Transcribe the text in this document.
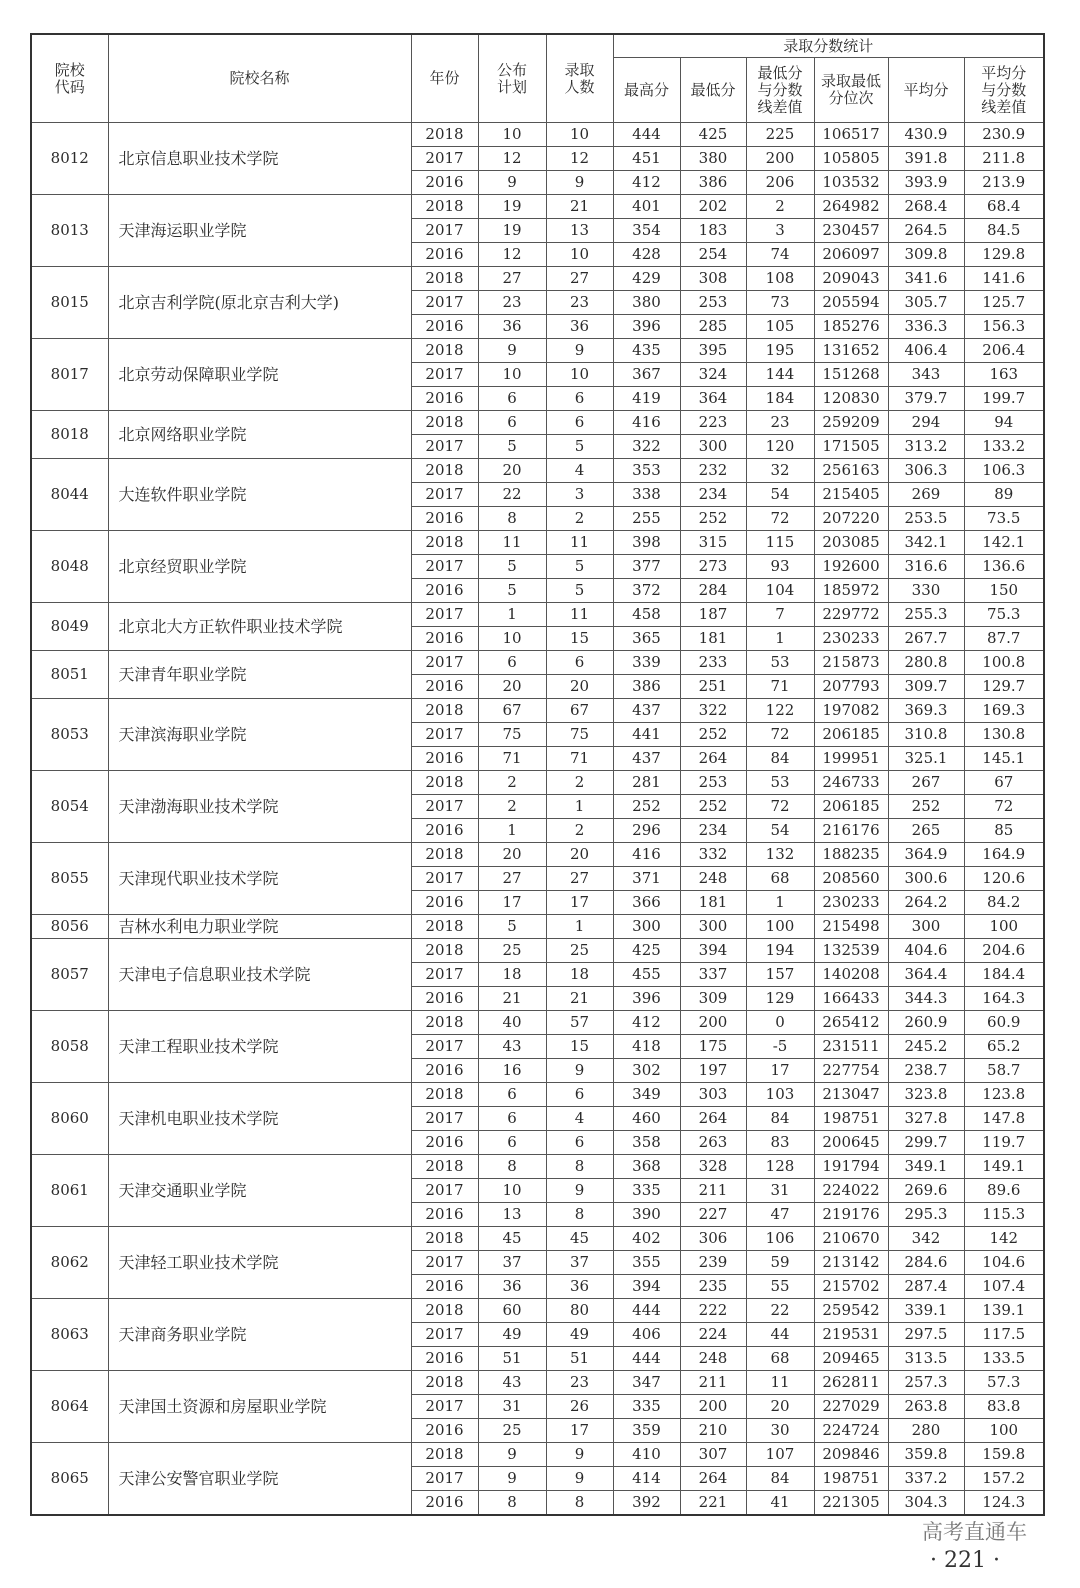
院校代码	院校名称	年份	公布计划	录取人数	录取分数统计					
					最高分	最低分	最低分与分数线差值	录取最低分位次	平均分	平均分与分数线差值
8012	北京信息职业技术学院	2018	10	10	444	425	225	106517	430.9	230.9
		2017	12	12	451	380	200	105805	391.8	211.8
		2016	9	9	412	386	206	103532	393.9	213.9
8013	天津海运职业学院	2018	19	21	401	202	2	264982	268.4	68.4
		2017	19	13	354	183	3	230457	264.5	84.5
		2016	12	10	428	254	74	206097	309.8	129.8
8015	北京吉利学院(原北京吉利大学)	2018	27	27	429	308	108	209043	341.6	141.6
		2017	23	23	380	253	73	205594	305.7	125.7
		2016	36	36	396	285	105	185276	336.3	156.3
8017	北京劳动保障职业学院	2018	9	9	435	395	195	131652	406.4	206.4
		2017	10	10	367	324	144	151268	343	163
		2016	6	6	419	364	184	120830	379.7	199.7
8018	北京网络职业学院	2018	6	6	416	223	23	259209	294	94
		2017	5	5	322	300	120	171505	313.2	133.2
8044	大连软件职业学院	2018	20	4	353	232	32	256163	306.3	106.3
		2017	22	3	338	234	54	215405	269	89
		2016	8	2	255	252	72	207220	253.5	73.5
8048	北京经贸职业学院	2018	11	11	398	315	115	203085	342.1	142.1
		2017	5	5	377	273	93	192600	316.6	136.6
		2016	5	5	372	284	104	185972	330	150
8049	北京北大方正软件职业技术学院	2017	1	11	458	187	7	229772	255.3	75.3
		2016	10	15	365	181	1	230233	267.7	87.7
8051	天津青年职业学院	2017	6	6	339	233	53	215873	280.8	100.8
		2016	20	20	386	251	71	207793	309.7	129.7
8053	天津滨海职业学院	2018	67	67	437	322	122	197082	369.3	169.3
		2017	75	75	441	252	72	206185	310.8	130.8
		2016	71	71	437	264	84	199951	325.1	145.1
8054	天津渤海职业技术学院	2018	2	2	281	253	53	246733	267	67
		2017	2	1	252	252	72	206185	252	72
		2016	1	2	296	234	54	216176	265	85
8055	天津现代职业技术学院	2018	20	20	416	332	132	188235	364.9	164.9
		2017	27	27	371	248	68	208560	300.6	120.6
		2016	17	17	366	181	1	230233	264.2	84.2
8056	吉林水利电力职业学院	2018	5	1	300	300	100	215498	300	100
8057	天津电子信息职业技术学院	2018	25	25	425	394	194	132539	404.6	204.6
		2017	18	18	455	337	157	140208	364.4	184.4
		2016	21	21	396	309	129	166433	344.3	164.3
8058	天津工程职业技术学院	2018	40	57	412	200	0	265412	260.9	60.9
		2017	43	15	418	175	-5	231511	245.2	65.2
		2016	16	9	302	197	17	227754	238.7	58.7
8060	天津机电职业技术学院	2018	6	6	349	303	103	213047	323.8	123.8
		2017	6	4	460	264	84	198751	327.8	147.8
		2016	6	6	358	263	83	200645	299.7	119.7
8061	天津交通职业学院	2018	8	8	368	328	128	191794	349.1	149.1
		2017	10	9	335	211	31	224022	269.6	89.6
		2016	13	8	390	227	47	219176	295.3	115.3
8062	天津轻工职业技术学院	2018	45	45	402	306	106	210670	342	142
		2017	37	37	355	239	59	213142	284.6	104.6
		2016	36	36	394	235	55	215702	287.4	107.4
8063	天津商务职业学院	2018	60	80	444	222	22	259542	339.1	139.1
		2017	49	49	406	224	44	219531	297.5	117.5
		2016	51	51	444	248	68	209465	313.5	133.5
8064	天津国土资源和房屋职业学院	2018	43	23	347	211	11	262811	257.3	57.3
		2017	31	26	335	200	20	227029	263.8	83.8
		2016	25	17	359	210	30	224724	280	100
8065	天津公安警官职业学院	2018	9	9	410	307	107	209846	359.8	159.8
		2017	9	9	414	264	84	198751	337.2	157.2
		2016	8	8	392	221	41	221305	304.3	124.3
高考直通车
· 221 ·
